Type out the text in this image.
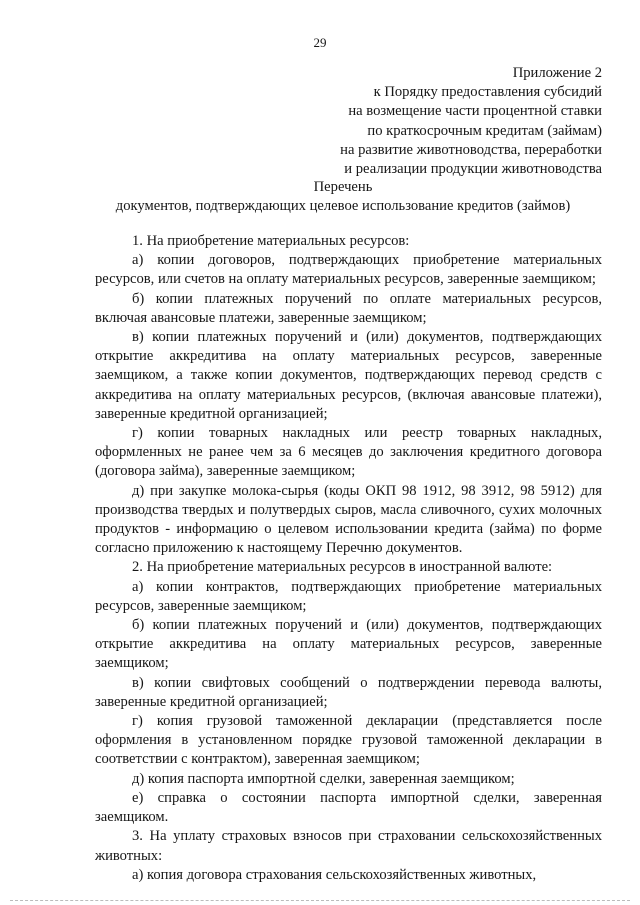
29
Приложение 2
к Порядку предоставления субсидий
на возмещение части процентной ставки
по краткосрочным кредитам (займам)
на развитие животноводства, переработки
и реализации продукции животноводства
Перечень
документов, подтверждающих целевое использование кредитов (займов)

1. На приобретение материальных ресурсов:

а) копии договоров, подтверждающих приобретение материальных ресурсов, или счетов на оплату материальных ресурсов, заверенные заемщиком;

б) копии платежных поручений по оплате материальных ресурсов, включая авансовые платежи, заверенные заемщиком;

в) копии платежных поручений и (или) документов, подтверждающих открытие аккредитива на оплату материальных ресурсов, заверенные заемщиком, а также копии документов, подтверждающих перевод средств с аккредитива на оплату материальных ресурсов, (включая авансовые платежи), заверенные кредитной организацией;

г) копии товарных накладных или реестр товарных накладных, оформленных не ранее чем за 6 месяцев до заключения кредитного договора (договора займа), заверенные заемщиком;

д) при закупке молока-сырья (коды ОКП 98 1912, 98 3912, 98 5912) для производства твердых и полутвердых сыров, масла сливочного, сухих молочных продуктов - информацию о целевом использовании кредита (займа) по форме согласно приложению к настоящему Перечню документов.

2. На приобретение материальных ресурсов в иностранной валюте:

а) копии контрактов, подтверждающих приобретение материальных ресурсов, заверенные заемщиком;

б) копии платежных поручений и (или) документов, подтверждающих открытие аккредитива на оплату материальных ресурсов, заверенные заемщиком;

в) копии свифтовых сообщений о подтверждении перевода валюты, заверенные кредитной организацией;

г) копия грузовой таможенной декларации (представляется после оформления в установленном порядке грузовой таможенной декларации в соответствии с контрактом), заверенная заемщиком;

д) копия паспорта импортной сделки, заверенная заемщиком;

е) справка о состоянии паспорта импортной сделки, заверенная заемщиком.

3. На уплату страховых взносов при страховании сельскохозяйственных животных:

а) копия договора страхования сельскохозяйственных животных,
